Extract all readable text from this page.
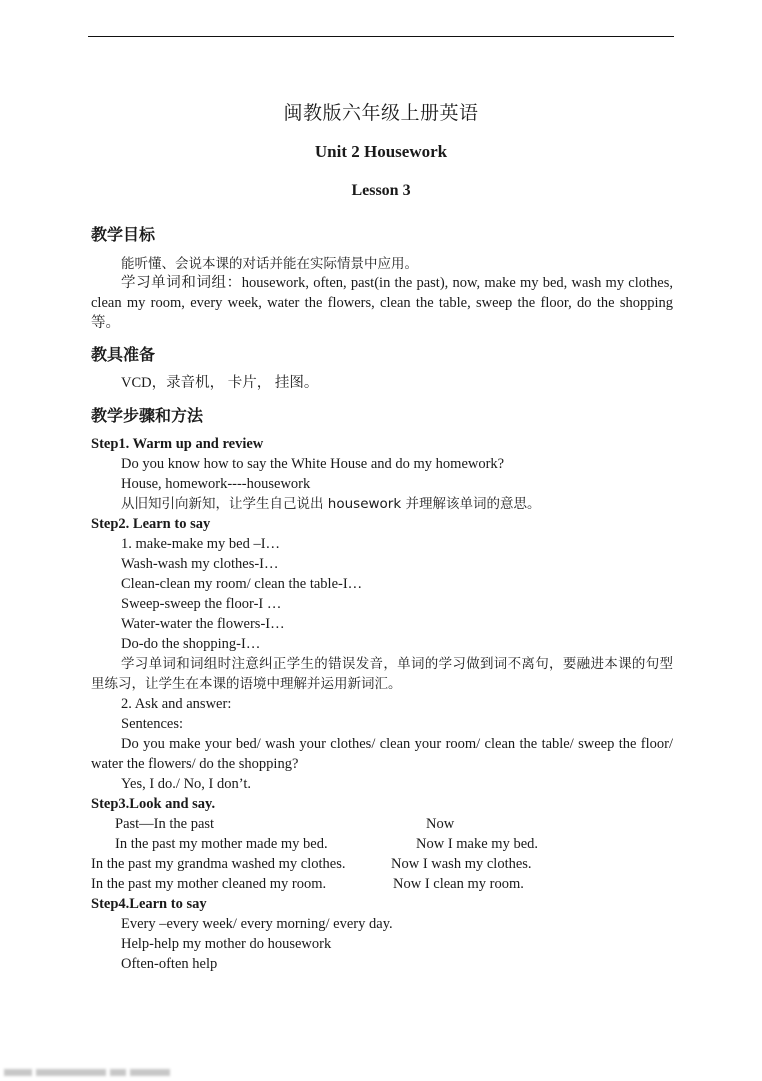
闽教版六年级上册英语
Unit 2 Housework
Lesson 3
教学目标
能听懂、会说本课的对话并能在实际情景中应用。
学习单词和词组：housework, often, past(in the past), now, make my bed, wash my clothes, clean my room, every week, water the flowers, clean the table, sweep the floor, do the shopping 等。
教具准备
VCD，录音机， 卡片， 挂图。
教学步骤和方法
Step1. Warm up and review
Do you know how to say the White House and do my homework?
House, homework----housework
从旧知引向新知，让学生自己说出 housework 并理解该单词的意思。
Step2. Learn to say
1. make-make my bed –I…
Wash-wash my clothes-I…
Clean-clean my room/ clean the table-I…
Sweep-sweep the floor-I …
Water-water the flowers-I…
Do-do the shopping-I…
学习单词和词组时注意纠正学生的错误发音，单词的学习做到词不离句，要融进本课的句型里练习，让学生在本课的语境中理解并运用新词汇。
2. Ask and answer:
Sentences:
Do you make your bed/ wash your clothes/ clean your room/ clean the table/ sweep the floor/ water the flowers/ do the shopping?
Yes, I do./ No, I don’t.
Step3.Look and say.
Past—In the past	Now
In the past my mother made my bed.	Now I make my bed.
In the past my grandma washed my clothes.	Now I wash my clothes.
In the past my mother cleaned my room.	Now I clean my room.
Step4.Learn to say
Every –every week/ every morning/ every day.
Help-help my mother do housework
Often-often help
